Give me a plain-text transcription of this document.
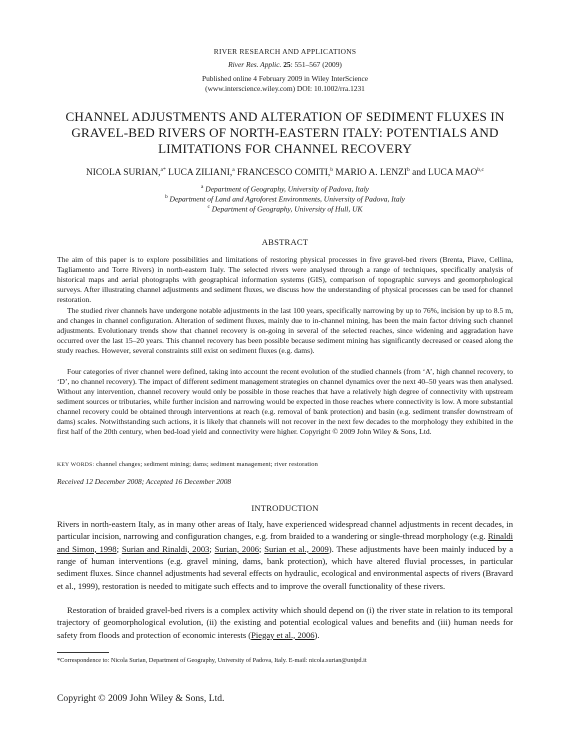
RIVER RESEARCH AND APPLICATIONS
River Res. Applic. 25: 551–567 (2009)
Published online 4 February 2009 in Wiley InterScience
(www.interscience.wiley.com) DOI: 10.1002/rra.1231
CHANNEL ADJUSTMENTS AND ALTERATION OF SEDIMENT FLUXES IN
GRAVEL-BED RIVERS OF NORTH-EASTERN ITALY: POTENTIALS AND
LIMITATIONS FOR CHANNEL RECOVERY
NICOLA SURIAN,$^{a*}$ LUCA ZILIANI,$^a$ FRANCESCO COMITI,$^b$ MARIO A. LENZI$^b$ and LUCA MAO$^{b,c}$
$^a$ Department of Geography, University of Padova, Italy
$^b$ Department of Land and Agroforest Environments, University of Padova, Italy
$^c$ Department of Geography, University of Hull, UK
ABSTRACT
The aim of this paper is to explore possibilities and limitations of restoring physical processes in five gravel-bed rivers (Brenta, Piave, Cellina, Tagliamento and Torre Rivers) in north-eastern Italy. The selected rivers were analysed through a range of techniques, specifically analysis of historical maps and aerial photographs with geographical information systems (GIS), comparison of topographic surveys and geomorphological surveys. After illustrating channel adjustments and sediment fluxes, we discuss how the understanding of physical processes can be used for channel restoration.
The studied river channels have undergone notable adjustments in the last 100 years, specifically narrowing by up to 76%, incision by up to 8.5 m, and changes in channel configuration. Alteration of sediment fluxes, mainly due to in-channel mining, has been the main factor driving such channel adjustments. Evolutionary trends show that channel recovery is on-going in several of the selected reaches, since widening and aggradation have occurred over the last 15–20 years. This channel recovery has been possible because sediment mining has significantly decreased or ceased along the study reaches. However, several constraints still exist on sediment fluxes (e.g. dams).
Four categories of river channel were defined, taking into account the recent evolution of the studied channels (from ‘A’, high channel recovery, to ‘D’, no channel recovery). The impact of different sediment management strategies on channel dynamics over the next 40–50 years was then analysed. Without any intervention, channel recovery would only be possible in those reaches that have a relatively high degree of connectivity with upstream sediment sources or tributaries, while further incision and narrowing would be expected in those reaches where connectivity is low. A more substantial channel recovery could be obtained through interventions at reach (e.g. removal of bank protection) and basin (e.g. sediment transfer downstream of dams) scales. Notwithstanding such actions, it is likely that channels will not recover in the next few decades to the morphology they exhibited in the first half of the 20th century, when bed-load yield and connectivity were higher. Copyright © 2009 John Wiley & Sons, Ltd.
KEY WORDS: channel changes; sediment mining; dams; sediment management; river restoration
Received 12 December 2008; Accepted 16 December 2008
INTRODUCTION
Rivers in north-eastern Italy, as in many other areas of Italy, have experienced widespread channel adjustments in recent decades, in particular incision, narrowing and configuration changes, e.g. from braided to a wandering or single-thread morphology (e.g. Rinaldi and Simon, 1998; Surian and Rinaldi, 2003; Surian, 2006; Surian et al., 2009). These adjustments have been mainly induced by a range of human interventions (e.g. gravel mining, dams, bank protection), which have altered fluvial processes, in particular sediment fluxes. Since channel adjustments had several effects on hydraulic, ecological and environmental aspects of rivers (Bravard et al., 1999), restoration is needed to mitigate such effects and to improve the overall functionality of these rivers.
Restoration of braided gravel-bed rivers is a complex activity which should depend on (i) the river state in relation to its temporal trajectory of geomorphological evolution, (ii) the existing and potential ecological values and benefits and (iii) human needs for safety from floods and protection of economic interests (Piegay et al., 2006).
*Correspondence to: Nicola Surian, Department of Geography, University of Padova, Italy. E-mail: nicola.surian@unipd.it
Copyright © 2009 John Wiley & Sons, Ltd.
